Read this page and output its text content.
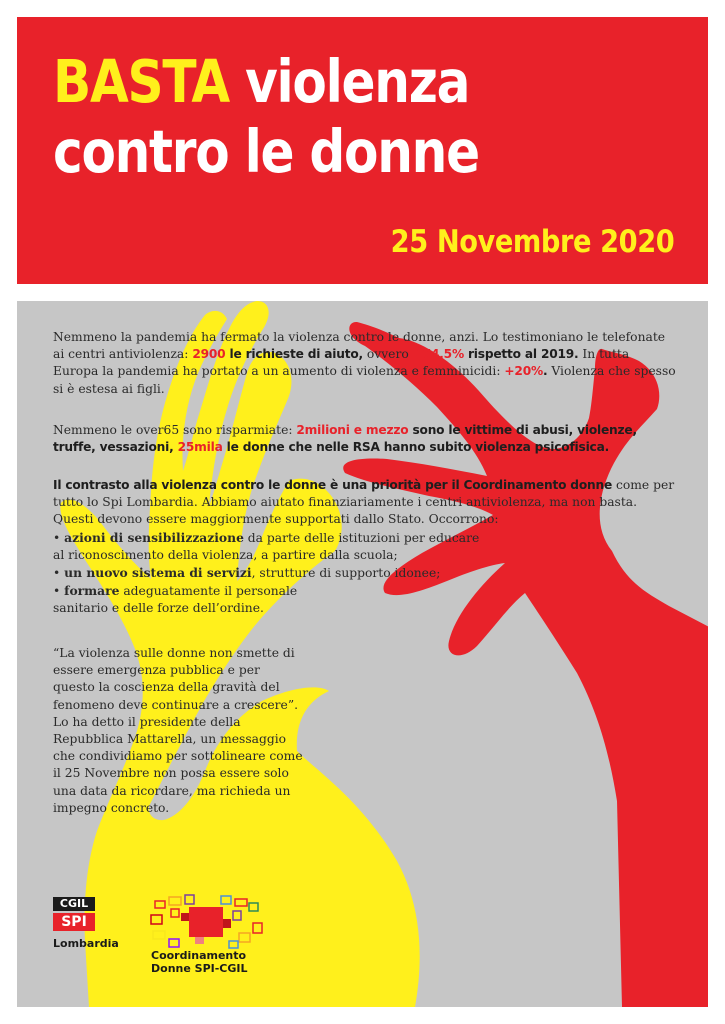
BASTA violenza
contro le donne
25 Novembre 2020

Nemmeno la pandemia ha fermato la violenza contro le donne, anzi. Lo testimoniano le telefonate ai centri antiviolenza: 2900 le richieste di aiuto, ovvero +74,5% rispetto al 2019. In tutta Europa la pandemia ha portato a un aumento di violenza e femminicidi: +20%. Violenza che spesso si è estesa ai figli.

Nemmeno le over65 sono risparmiate: 2milioni e mezzo sono le vittime di abusi, violenze, truffe, vessazioni, 25mila le donne che nelle RSA hanno subito violenza psicofisica.

Il contrasto alla violenza contro le donne è una priorità per il Coordinamento donne come per tutto lo Spi Lombardia. Abbiamo aiutato finanziariamente i centri antiviolenza, ma non basta. Questi devono essere maggiormente supportati dallo Stato. Occorrono:

• azioni di sensibilizzazione da parte delle istituzioni per educare
al riconoscimento della violenza, a partire dalla scuola;

• un nuovo sistema di servizi, strutture di supporto idonee;

• formare adeguatamente il personale
sanitario e delle forze dell’ordine.

“La violenza sulle donne non smette di essere emergenza pubblica e per questo la coscienza della gravità del fenomeno deve continuare a crescere”. Lo ha detto il presidente della Repubblica Mattarella, un messaggio che condividiamo per sottolineare come il 25 Novembre non possa essere solo una data da ricordare, ma richieda un impegno concreto.
CGIL
SPI
Lombardia
Coordinamento
Donne SPI-CGIL
